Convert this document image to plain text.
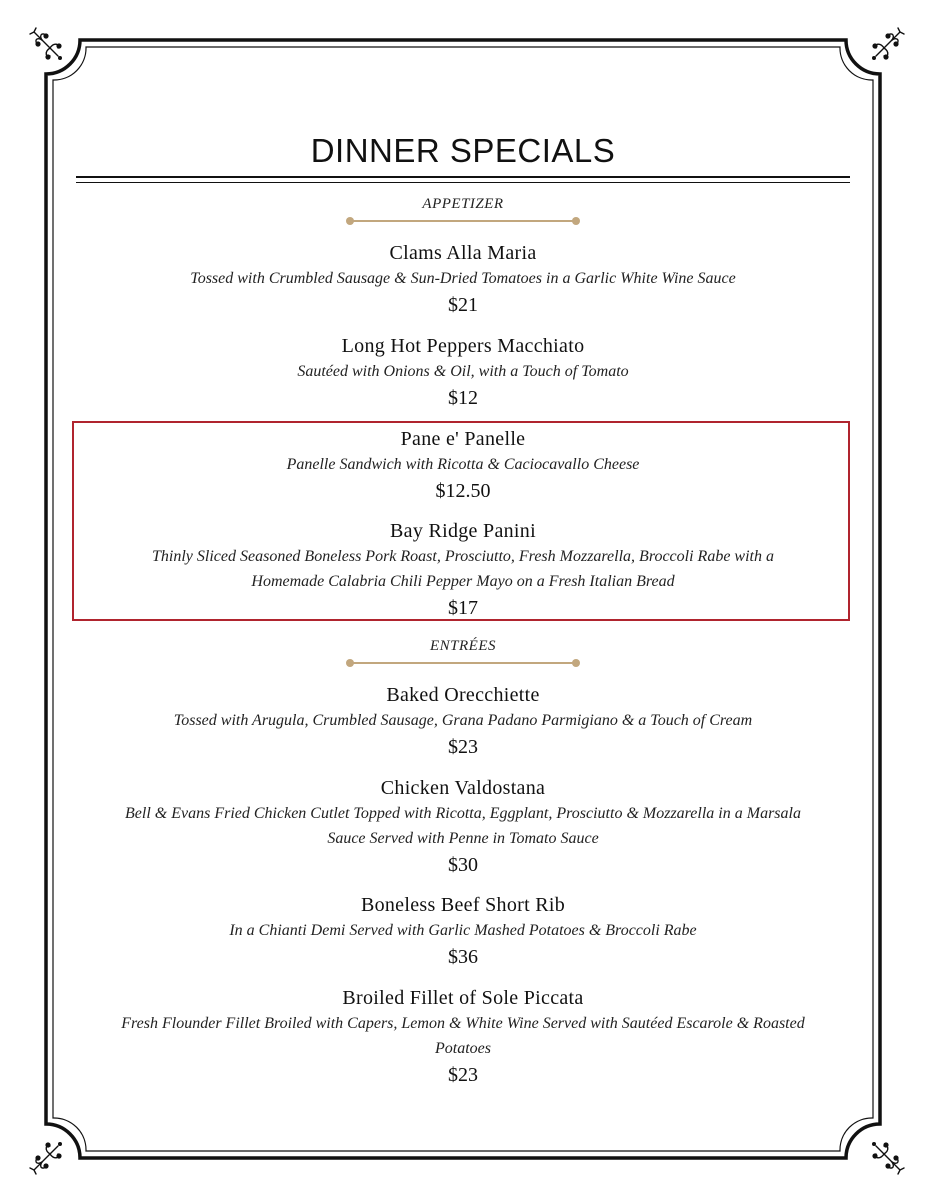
DINNER SPECIALS
APPETIZER
Clams Alla Maria
Tossed with Crumbled Sausage & Sun-Dried Tomatoes in a Garlic White Wine Sauce
$21
Long Hot Peppers Macchiato
Sautéed with Onions & Oil, with a Touch of Tomato
$12
Pane e' Panelle
Panelle Sandwich with Ricotta & Caciocavallo Cheese
$12.50
Bay Ridge Panini
Thinly Sliced Seasoned Boneless Pork Roast, Prosciutto, Fresh Mozzarella, Broccoli Rabe with a
Homemade Calabria Chili Pepper Mayo on a Fresh Italian Bread
$17
ENTRÉES
Baked Orecchiette
Tossed with Arugula, Crumbled Sausage, Grana Padano Parmigiano & a Touch of Cream
$23
Chicken Valdostana
Bell & Evans Fried Chicken Cutlet Topped with Ricotta, Eggplant, Prosciutto & Mozzarella in a Marsala
Sauce Served with Penne in Tomato Sauce
$30
Boneless Beef Short Rib
In a Chianti Demi Served with Garlic Mashed Potatoes & Broccoli Rabe
$36
Broiled Fillet of Sole Piccata
Fresh Flounder Fillet Broiled with Capers, Lemon & White Wine Served with Sautéed Escarole & Roasted
Potatoes
$23
